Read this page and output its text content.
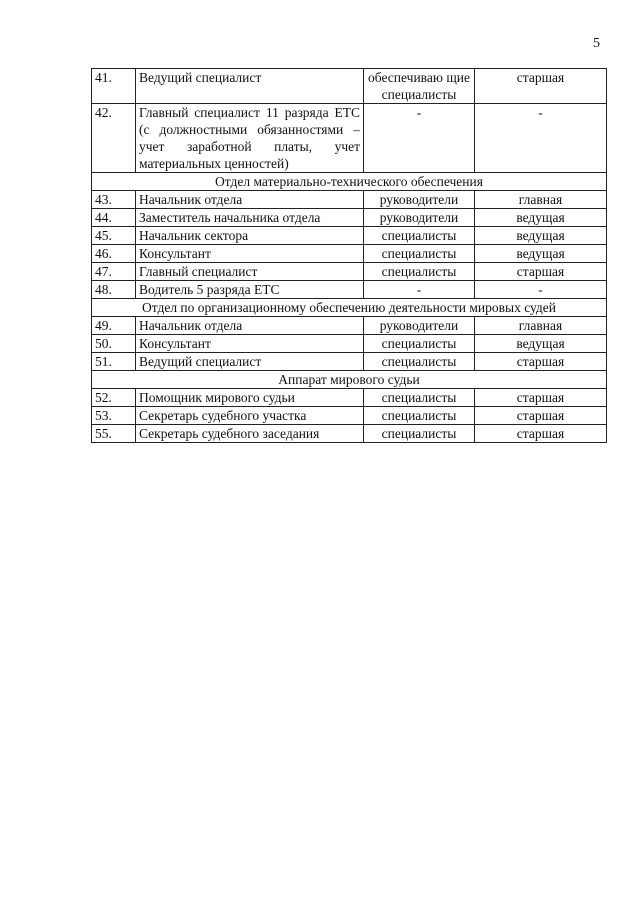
5
41.	Ведущий специалист	обеспечиваю щие специалисты	старшая
42.	Главный специалист 11 разряда ЕТС (с должностными обязанностями – учет заработной платы, учет материальных ценностей)	-	-
Отдел материально-технического обеспечения			
43.	Начальник отдела	руководители	главная
44.	Заместитель начальника отдела	руководители	ведущая
45.	Начальник сектора	специалисты	ведущая
46.	Консультант	специалисты	ведущая
47.	Главный специалист	специалисты	старшая
48.	Водитель 5 разряда ЕТС	-	-
Отдел по организационному обеспечению деятельности мировых судей			
49.	Начальник отдела	руководители	главная
50.	Консультант	специалисты	ведущая
51.	Ведущий специалист	специалисты	старшая
Аппарат мирового судьи			
52.	Помощник мирового судьи	специалисты	старшая
53.	Секретарь судебного участка	специалисты	старшая
55.	Секретарь судебного заседания	специалисты	старшая
